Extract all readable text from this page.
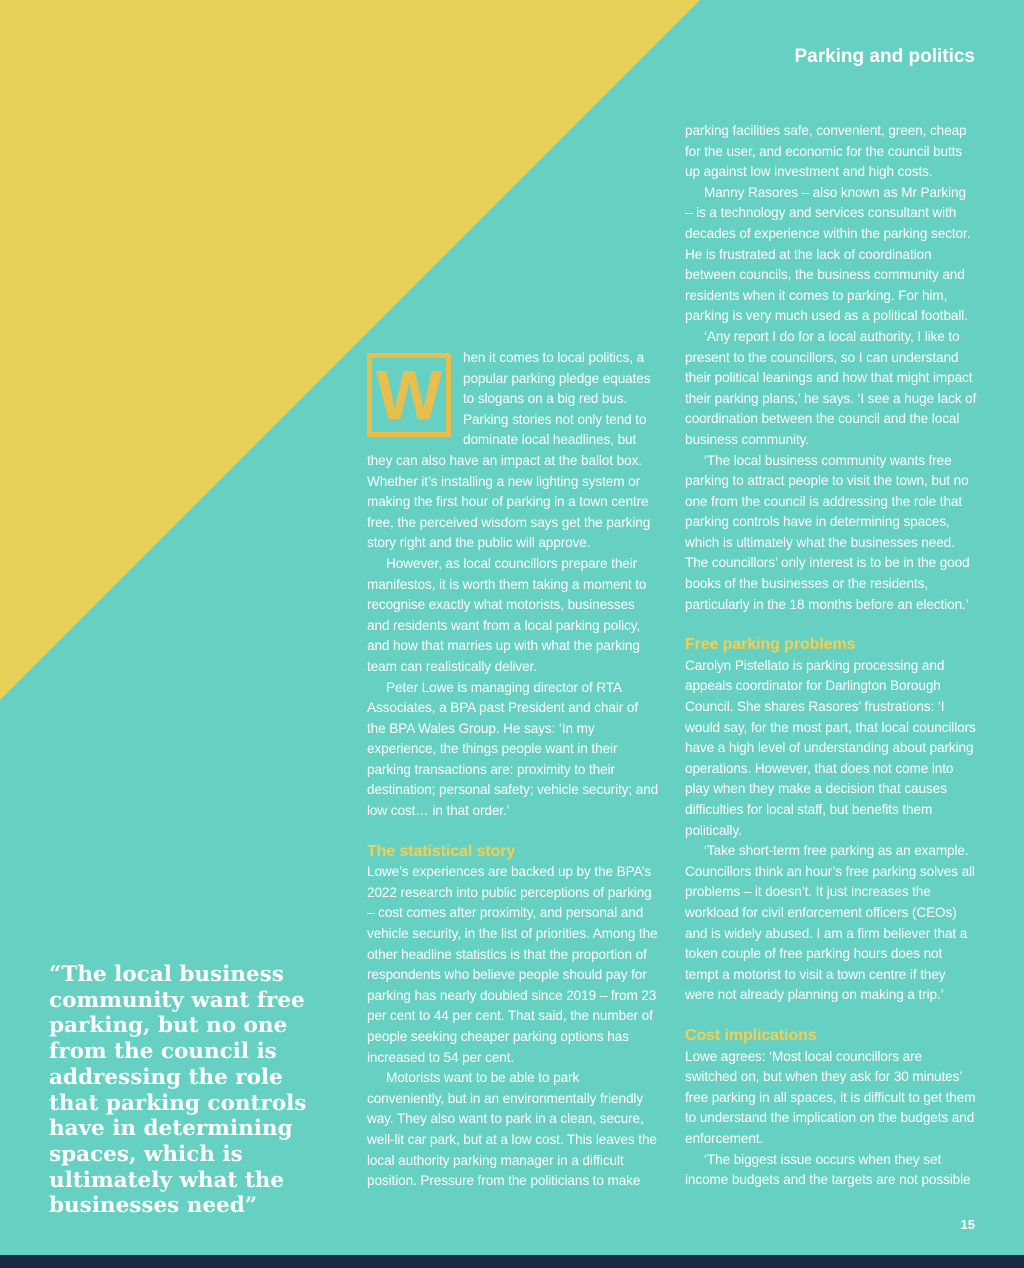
Parking and politics
“The local business community want free parking, but no one from the council is addressing the role that parking controls have in determining spaces, which is ultimately what the businesses need”
W	hen it comes to local politics, a popular parking pledge equates to slogans on a big red bus. Parking stories not only tend to dominate local headlines, but they can also have an impact at the ballot box. Whether it’s installing a new lighting system or making the first hour of parking in a town centre free, the perceived wisdom says get the parking story right and the public will approve.

However, as local councillors prepare their manifestos, it is worth them taking a moment to recognise exactly what motorists, businesses and residents want from a local parking policy, and how that marries up with what the parking team can realistically deliver.

Peter Lowe is managing director of RTA Associates, a BPA past President and chair of the BPA Wales Group. He says: ‘In my experience, the things people want in their parking transactions are: proximity to their destination; personal safety; vehicle security; and low cost… in that order.’

The statistical story

Lowe’s experiences are backed up by the BPA’s 2022 research into public perceptions of parking – cost comes after proximity, and personal and vehicle security, in the list of priorities. Among the other headline statistics is that the proportion of respondents who believe people should pay for parking has nearly doubled since 2019 – from 23 per cent to 44 per cent. That said, the number of people seeking cheaper parking options has increased to 54 per cent.

Motorists want to be able to park conveniently, but in an environmentally friendly way. They also want to park in a clean, secure, well-lit car park, but at a low cost. This leaves the local authority parking manager in a difficult position. Pressure from the politicians to make

parking facilities safe, convenient, green, cheap for the user, and economic for the council butts up against low investment and high costs.

Manny Rasores – also known as Mr Parking – is a technology and services consultant with decades of experience within the parking sector. He is frustrated at the lack of coordination between councils, the business community and residents when it comes to parking. For him, parking is very much used as a political football.

‘Any report I do for a local authority, I like to present to the councillors, so I can understand their political leanings and how that might impact their parking plans,’ he says. ‘I see a huge lack of coordination between the council and the local business community.

‘The local business community wants free parking to attract people to visit the town, but no one from the council is addressing the role that parking controls have in determining spaces, which is ultimately what the businesses need. The councillors’ only interest is to be in the good books of the businesses or the residents, particularly in the 18 months before an election.’

Free parking problems

Carolyn Pistellato is parking processing and appeals coordinator for Darlington Borough Council. She shares Rasores’ frustrations: ‘I would say, for the most part, that local councillors have a high level of understanding about parking operations. However, that does not come into play when they make a decision that causes difficulties for local staff, but benefits them politically.

‘Take short-term free parking as an example. Councillors think an hour’s free parking solves all problems – it doesn’t. It just increases the workload for civil enforcement officers (CEOs) and is widely abused. I am a firm believer that a token couple of free parking hours does not tempt a motorist to visit a town centre if they were not already planning on making a trip.’

Cost implications

Lowe agrees: ‘Most local councillors are switched on, but when they ask for 30 minutes’ free parking in all spaces, it is difficult to get them to understand the implication on the budgets and enforcement.

‘The biggest issue occurs when they set income budgets and the targets are not possible

15
